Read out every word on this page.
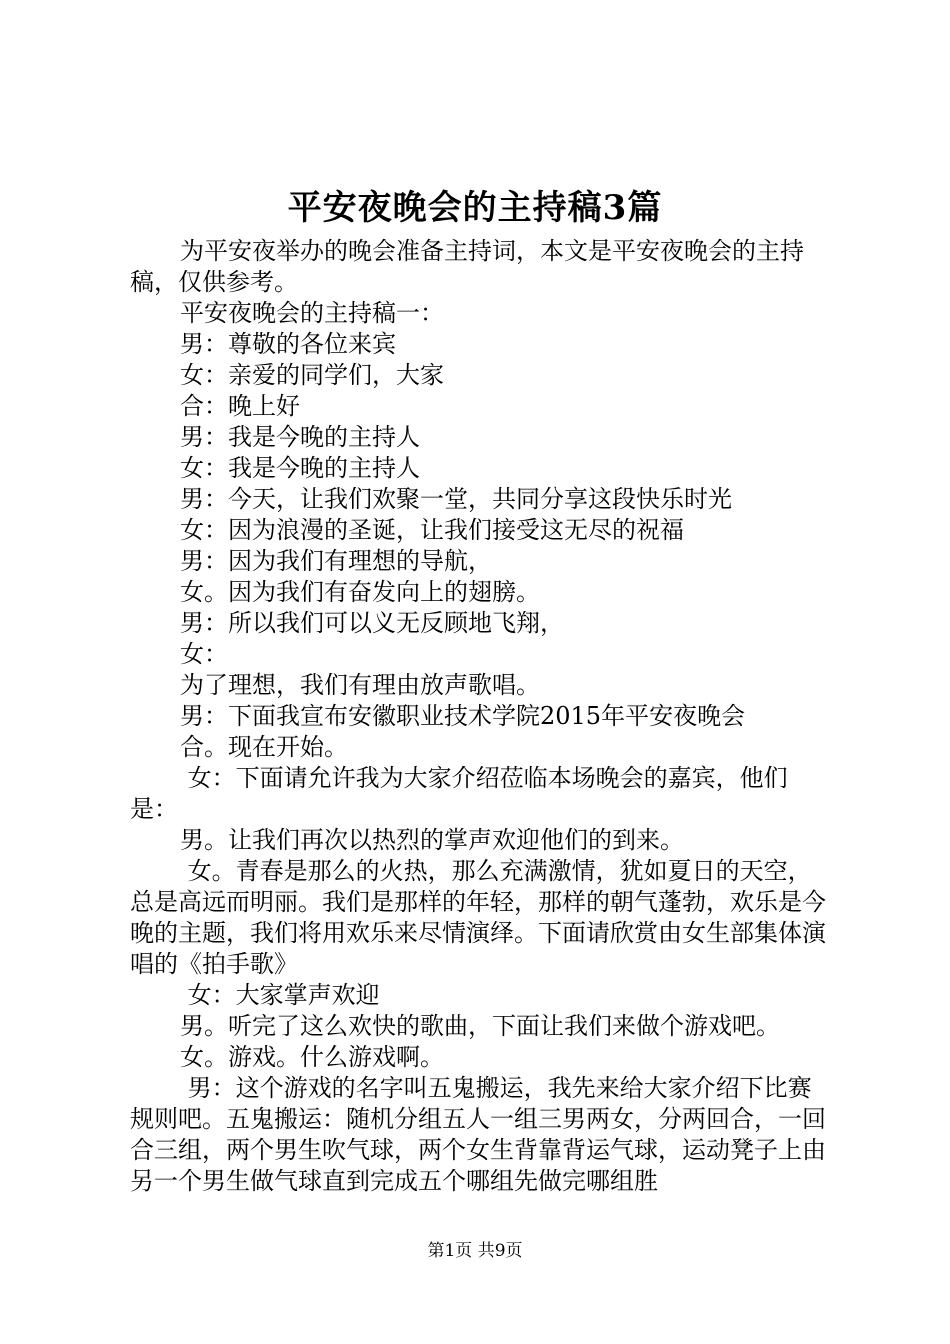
平安夜晚会的主持稿3篇

为平安夜举办的晚会准备主持词，本文是平安夜晚会的主持稿，仅供参考。

平安夜晚会的主持稿一：

男：尊敬的各位来宾

女：亲爱的同学们，大家

合：晚上好

男：我是今晚的主持人

女：我是今晚的主持人

男：今天，让我们欢聚一堂，共同分享这段快乐时光

女：因为浪漫的圣诞，让我们接受这无尽的祝福

男：因为我们有理想的导航，

女。因为我们有奋发向上的翅膀。

男：所以我们可以义无反顾地飞翔，

女：

为了理想，我们有理由放声歌唱。

男：下面我宣布安徽职业技术学院2015年平安夜晚会

合。现在开始。

女：下面请允许我为大家介绍莅临本场晚会的嘉宾，他们是：

男。让我们再次以热烈的掌声欢迎他们的到来。

女。青春是那么的火热，那么充满激情，犹如夏日的天空，总是高远而明丽。我们是那样的年轻，那样的朝气蓬勃，欢乐是今晚的主题，我们将用欢乐来尽情演绎。下面请欣赏由女生部集体演唱的《拍手歌》

女：大家掌声欢迎

男。听完了这么欢快的歌曲，下面让我们来做个游戏吧。

女。游戏。什么游戏啊。

男：这个游戏的名字叫五鬼搬运，我先来给大家介绍下比赛规则吧。五鬼搬运：随机分组五人一组三男两女，分两回合，一回合三组，两个男生吹气球，两个女生背靠背运气球，运动凳子上由另一个男生做气球直到完成五个哪组先做完哪组胜

第1页 共9页
